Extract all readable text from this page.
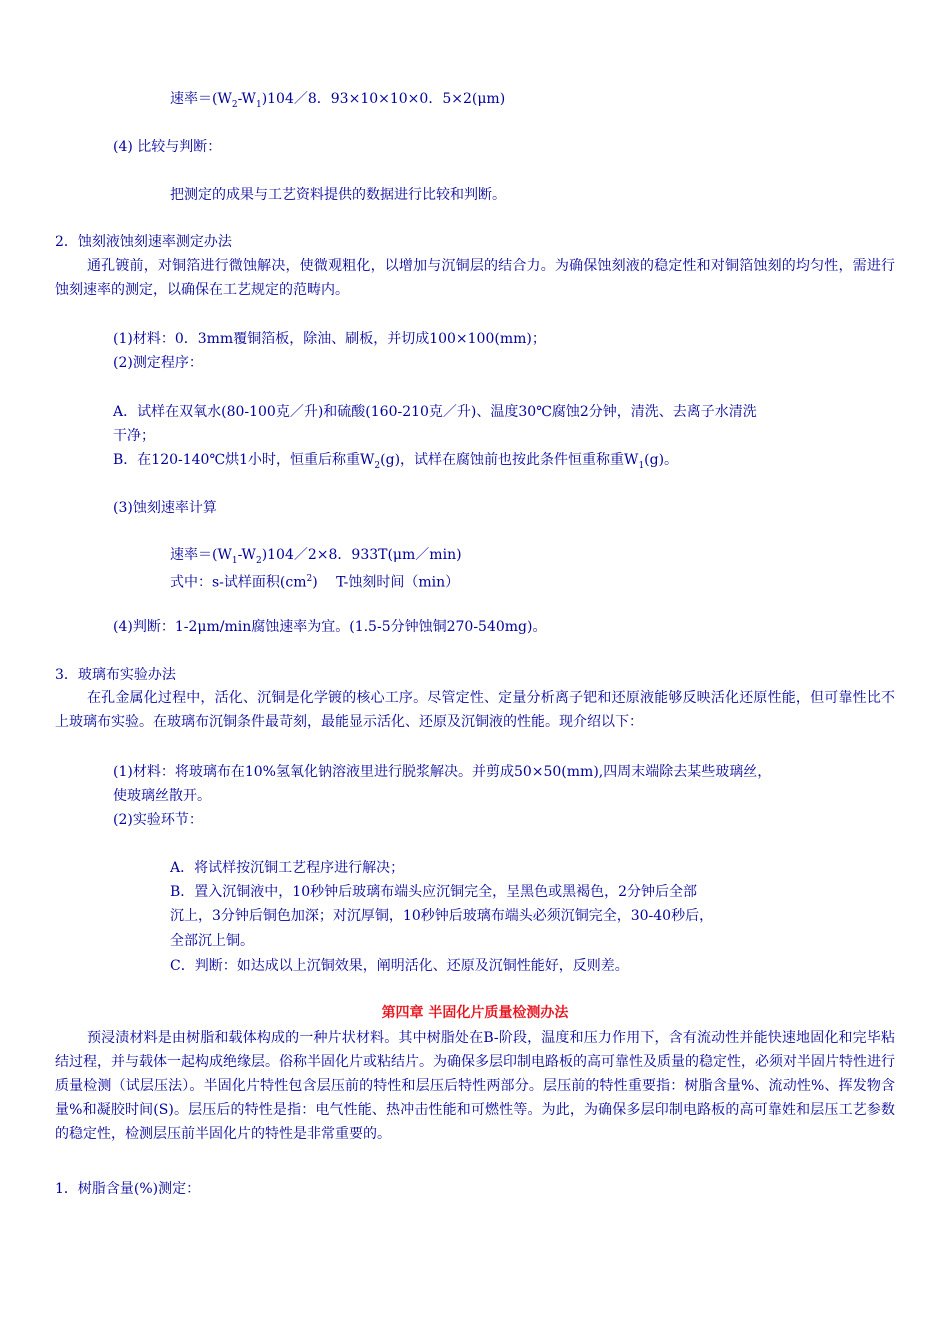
速率$=(W_2-W_1)104/8$．93×10×10×0．5×2(μm)
(4) 比较与判断：
把测定的成果与工艺资料提供的数据进行比较和判断。
2．蚀刻液蚀刻速率测定办法
通孔镀前，对铜箔进行微蚀解决，使微观粗化，以增加与沉铜层的结合力。为确保蚀刻液的稳定性和对铜箔蚀刻的均匀性，需进行蚀刻速率的测定，以确保在工艺规定的范畴内。
(1)材料：0．3mm覆铜箔板，除油、刷板，并切成100×100(mm)；
(2)测定程序：
A．试样在双氧水(80-100克／升)和硫酸(160-210克／升)、温度30℃腐蚀2分钟，清洗、去离子水清洗
干净；
B．在120-140℃烘1小时，恒重后称重$W_2(g)$，试样在腐蚀前也按此条件恒重称重$W_1(g)$。
(3)蚀刻速率计算
速率$=(W_1-W_2)104/2\times 8$．933T(μm／min)
式中：s-试样面积$(cm^2)$　 T-蚀刻时间（min）
(4)判断：1-2μm/min腐蚀速率为宜。(1.5-5分钟蚀铜270-540mg)。
3．玻璃布实验办法
在孔金属化过程中，活化、沉铜是化学镀的核心工序。尽管定性、定量分析离子钯和还原液能够反映活化还原性能，但可靠性比不上玻璃布实验。在玻璃布沉铜条件最苛刻，最能显示活化、还原及沉铜液的性能。现介绍以下：
(1)材料：将玻璃布在10%氢氧化钠溶液里进行脱浆解决。并剪成50×50(mm),四周末端除去某些玻璃丝，
使玻璃丝散开。
(2)实验环节：
A．将试样按沉铜工艺程序进行解决；
B．置入沉铜液中，10秒钟后玻璃布端头应沉铜完全，呈黑色或黑褐色，2分钟后全部
沉上，3分钟后铜色加深；对沉厚铜，10秒钟后玻璃布端头必须沉铜完全，30-40秒后，
全部沉上铜。
C．判断：如达成以上沉铜效果，阐明活化、还原及沉铜性能好，反则差。
第四章 半固化片质量检测办法
预浸渍材料是由树脂和载体构成的一种片状材料。其中树脂处在B-阶段，温度和压力作用下，含有流动性并能快速地固化和完毕粘结过程，并与载体一起构成绝缘层。俗称半固化片或粘结片。为确保多层印制电路板的高可靠性及质量的稳定性，必须对半固片特性进行质量检测（试层压法）。半固化片特性包含层压前的特性和层压后特性两部分。层压前的特性重要指：树脂含量%、流动性%、挥发物含量%和凝胶时间(S)。层压后的特性是指：电气性能、热冲击性能和可燃性等。为此，为确保多层印制电路板的高可靠姓和层压工艺参数的稳定性，检测层压前半固化片的特性是非常重要的。
1．树脂含量(%)测定：
